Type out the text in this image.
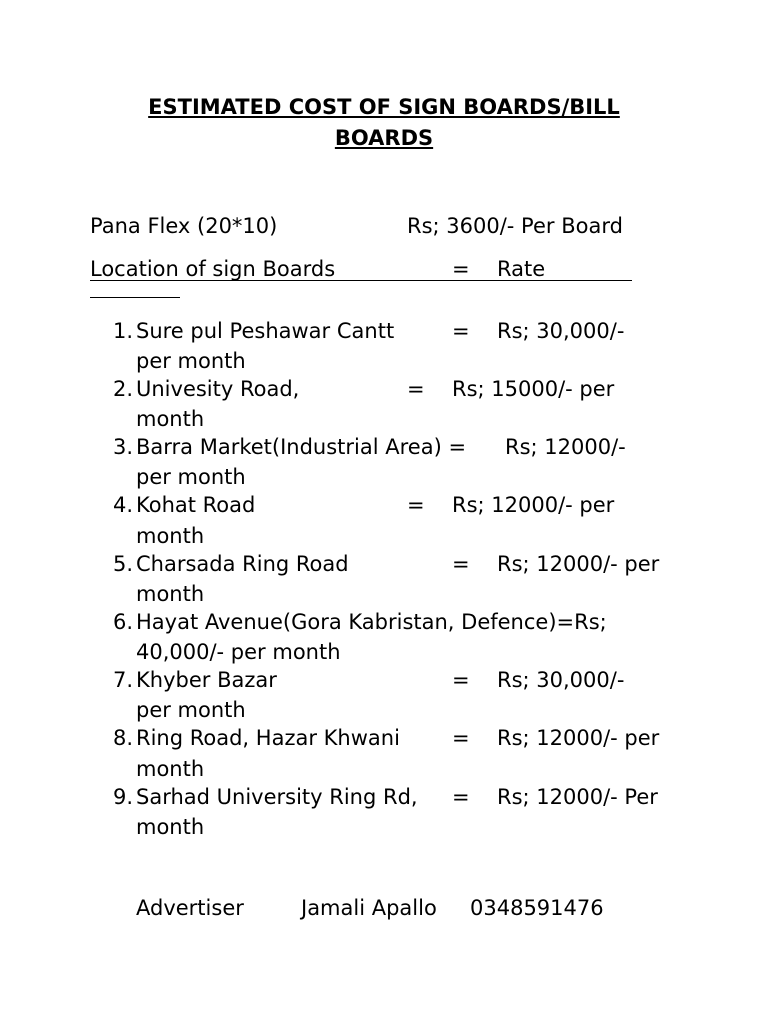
ESTIMATED COST OF SIGN BOARDS/BILL
BOARDS
Pana Flex (20*10)	Rs; 3600/- Per Board
Location of sign Boards	= Rate
1. Sure pul Peshawar Cantt	= Rs; 30,000/-
per month
2. Univesity Road,	= Rs; 15000/- per
month
3. Barra Market(Industrial Area) = Rs; 12000/-
per month
4. Kohat Road	= Rs; 12000/- per
month
5. Charsada Ring Road	= Rs; 12000/- per
month
6. Hayat Avenue(Gora Kabristan, Defence)=Rs;
40,000/- per month
7. Khyber Bazar	= Rs; 30,000/-
per month
8. Ring Road, Hazar Khwani = Rs; 12000/- per
month
9. Sarhad University Ring Rd, = Rs; 12000/- Per
month
Advertiser	Jamali Apallo 0348591476
